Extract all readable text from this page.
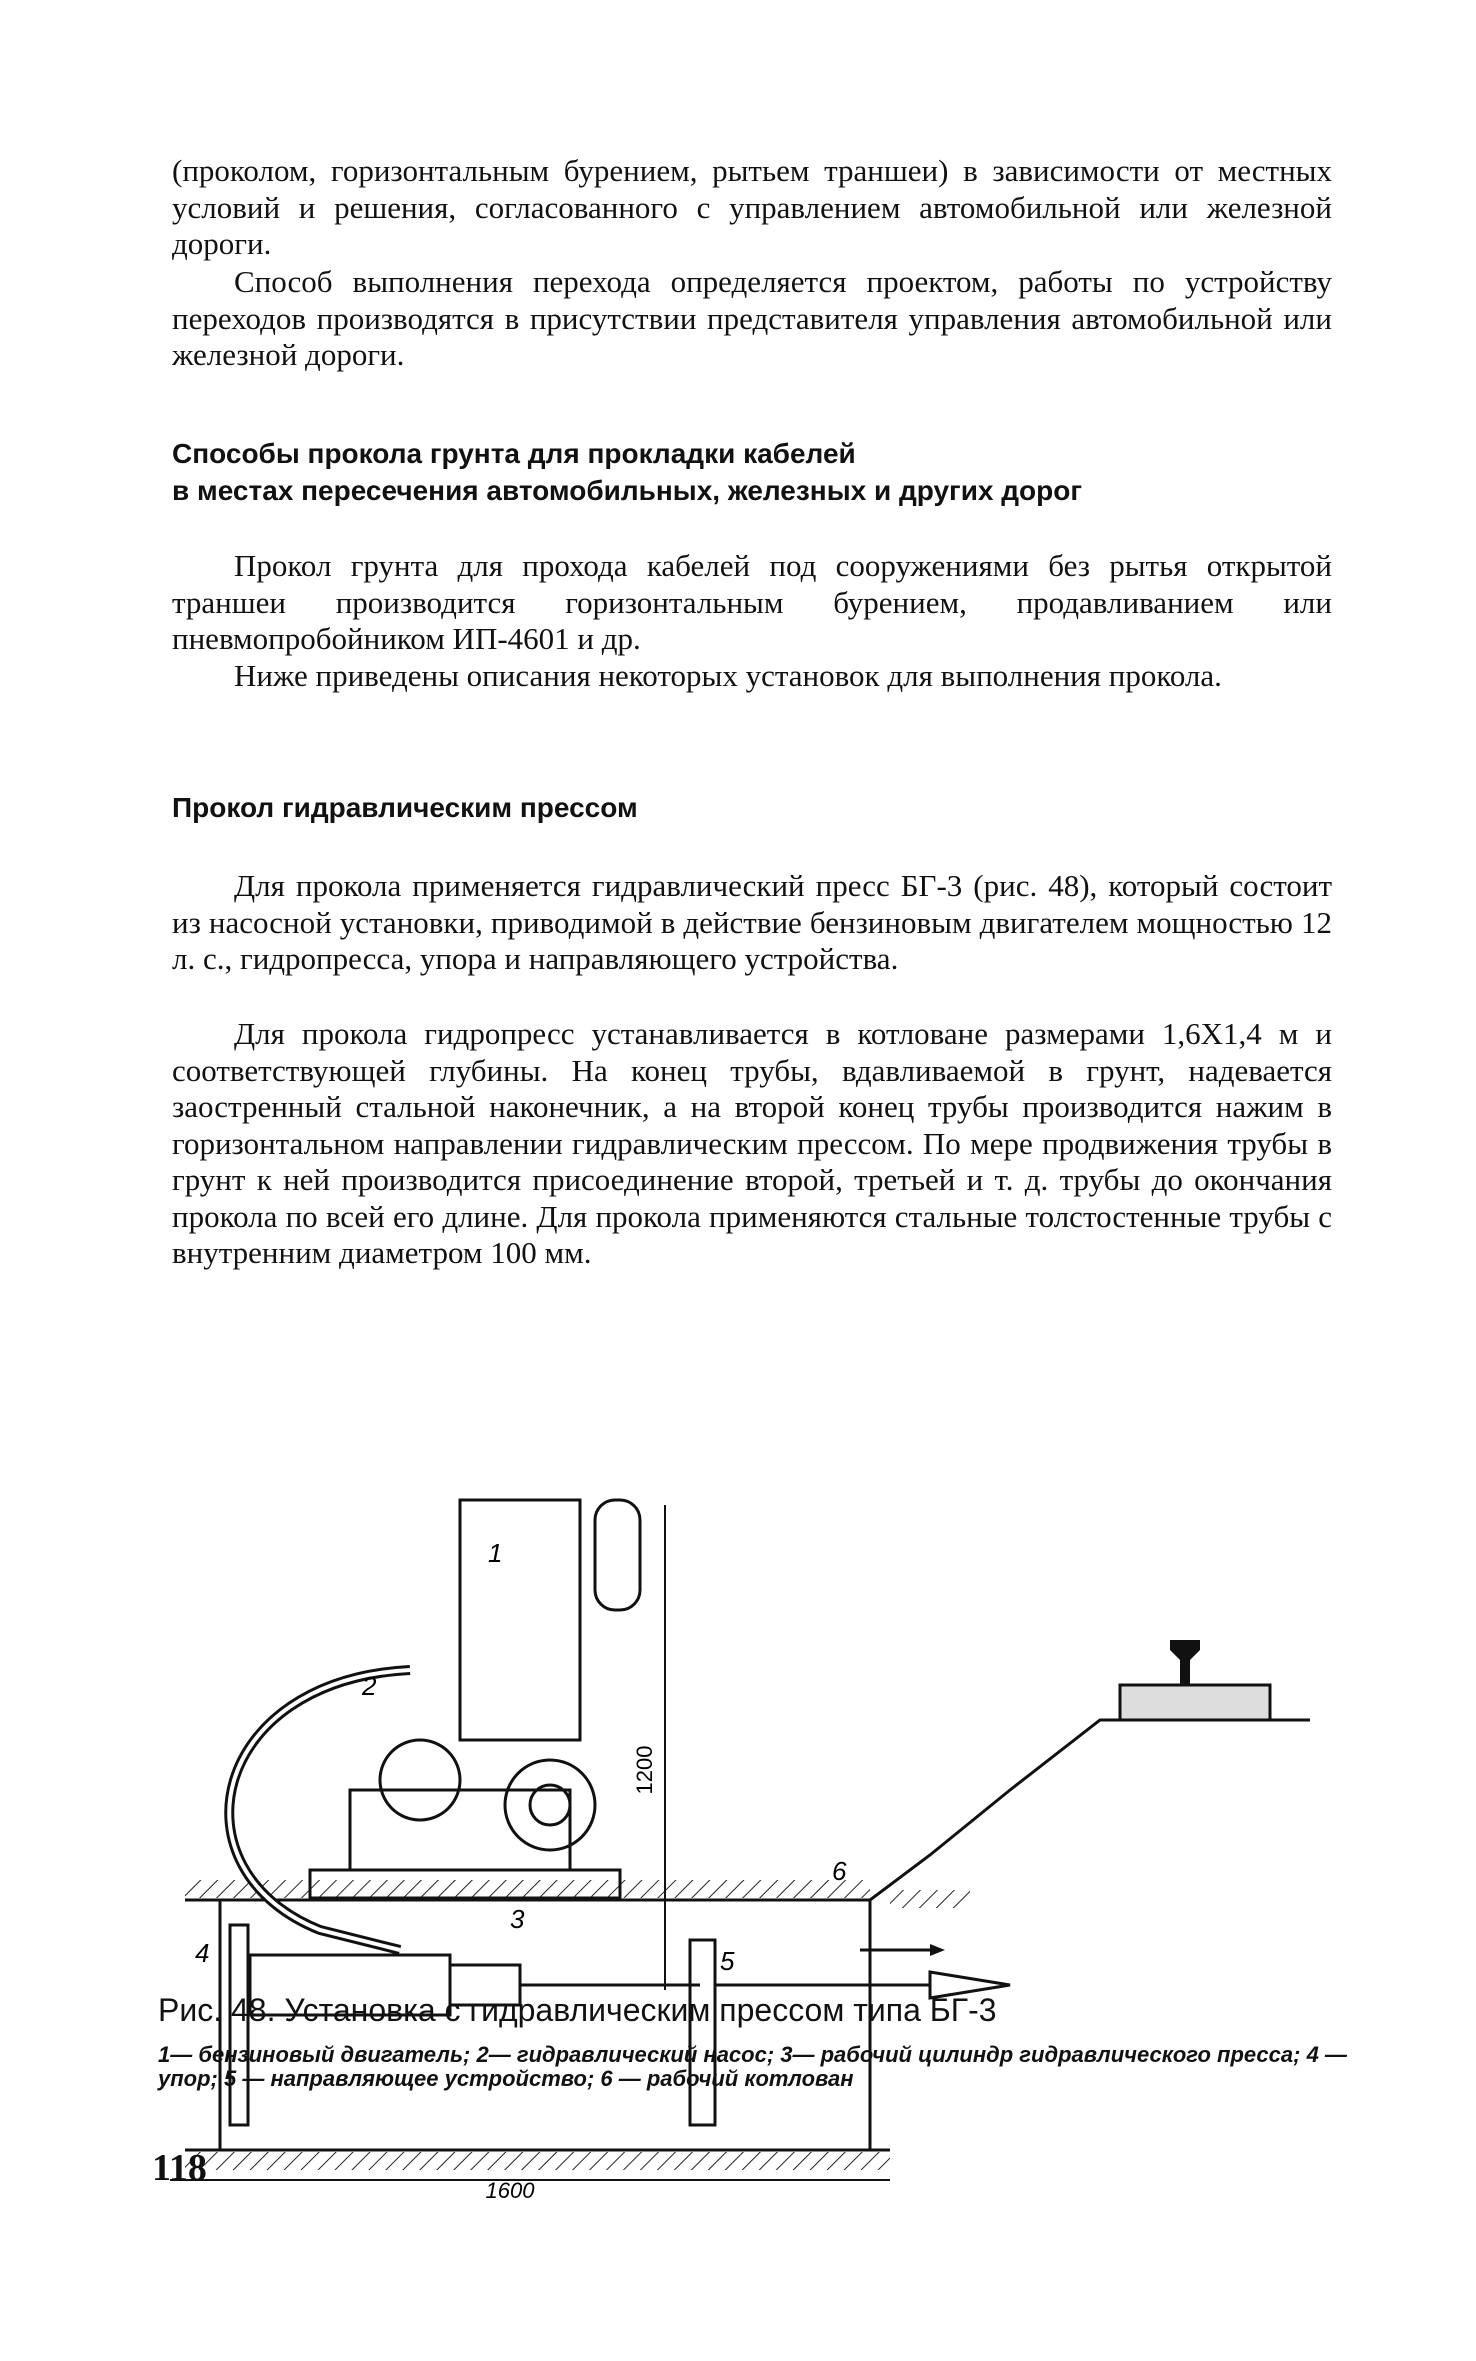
(проколом, горизонтальным бурением, рытьем траншеи) в зависимости от местных условий и решения, согласованного с управлением автомобильной или железной дороги.

Способ выполнения перехода определяется проектом, работы по устройству переходов производятся в присутствии представителя управления автомобильной или железной дороги.

Способы прокола грунта для прокладки кабелей

в местах пересечения автомобильных, железных и других дорог

Прокол грунта для прохода кабелей под сооружениями без рытья открытой траншеи производится горизонтальным бурением, продавливанием или пневмопробойником ИП-4601 и др.

Ниже приведены описания некоторых установок для выполнения прокола.

Прокол гидравлическим прессом

Для прокола применяется гидравлический пресс БГ-3 (рис. 48), который состоит из насосной установки, приводимой в действие бензиновым двигателем мощностью 12 л. с., гидропресса, упора и направляющего устройства.

Для прокола гидропресс устанавливается в котловане размерами 1,6X1,4 м и соответствующей глубины. На конец трубы, вдавливаемой в грунт, надевается заостренный стальной наконечник, а на второй конец трубы производится нажим в горизонтальном направлении гидравлическим прессом. По мере продвижения трубы в грунт к ней производится присоединение второй, третьей и т. д. трубы до окончания прокола по всей его длине. Для прокола применяются стальные толстостенные трубы с внутренним диаметром 100 мм.

1200
1600
1
2
3
4	5
6

Рис. 48. Установка с гидравлическим прессом типа БГ-3

1— бензиновый двигатель; 2— гидравлический насос; 3— рабочий цилиндр гидравлического пресса; 4 — упор; 5 — направляющее устройство; 6 — рабочий котлован

118
